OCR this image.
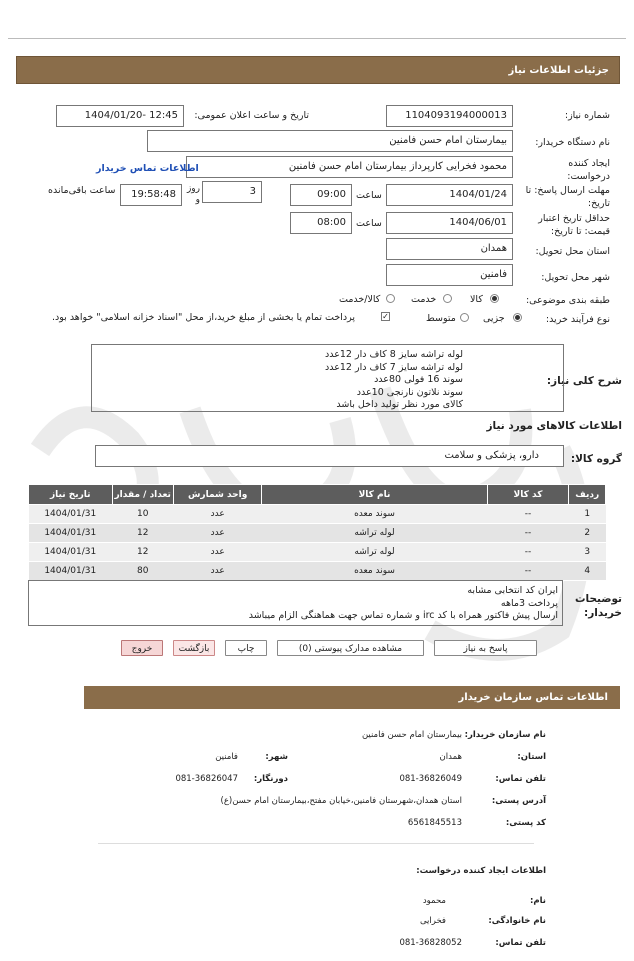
جزئیات اطلاعات نیاز
شماره نیاز:
1104093194000013
تاریخ و ساعت اعلان عمومی:
1404/01/20- 12:45
نام دستگاه خریدار:
بیمارستان امام حسن فامنین
ایجاد کننده درخواست:
محمود فخرایی کارپرداز بیمارستان امام حسن فامنین
اطلاعات تماس خریدار
مهلت ارسال پاسخ: تا تاریخ:
1404/01/24
ساعت
09:00
3
روز و
19:58:48
ساعت باقی‌مانده
حداقل تاریخ اعتبار قیمت: تا تاریخ:
1404/06/01
ساعت
08:00
استان محل تحویل:
همدان
شهر محل تحویل:
فامنین
طبقه بندی موضوعی:
کالا
خدمت
کالا/خدمت
نوع فرآیند خرید:
جزیی
متوسط
✓
پرداخت تمام یا بخشی از مبلغ خرید،از محل "اسناد خزانه اسلامی" خواهد بود.
شرح کلی نیاز:
لوله تراشه سایز 8 کاف دار 12عدد
لوله تراشه سایز 7 کاف دار 12عدد
سوند 16 فولی 80عدد
سوند نلاتون نارنجی 10عدد
کالای مورد نظر تولید داخل باشد
اطلاعات کالاهای مورد نیاز
گروه کالا:
دارو، پزشکی و سلامت
تاریخ نیاز	تعداد / مقدار	واحد شمارش	نام کالا	کد کالا	ردیف
1404/01/31	10	عدد	سوند معده	--	1
1404/01/31	12	عدد	لوله تراشه	--	2
1404/01/31	12	عدد	لوله تراشه	--	3
1404/01/31	80	عدد	سوند معده	--	4
توضیحات خریدار:
ایران کد انتخابی مشابه
پرداخت 3ماهه
ارسال پیش فاکتور همراه با کد irc و شماره تماس جهت هماهنگی الزام میباشد
پاسخ به نیاز
مشاهده مدارک پیوستی (0)
چاپ
بازگشت
خروج
اطلاعات تماس سازمان خریدار
نام سازمان خریدار:
بیمارستان امام حسن فامنین
استان:
همدان
شهر:
فامنین
تلفن تماس:
081-36826049
دورنگار:
081-36826047
آدرس پستی:
استان همدان،شهرستان فامنین،خیابان مفتح،بیمارستان امام حسن(ع)
کد پستی:
6561845513
اطلاعات ایجاد کننده درخواست:
نام:
محمود
نام خانوادگی:
فخرایی
تلفن تماس:
081-36828052
